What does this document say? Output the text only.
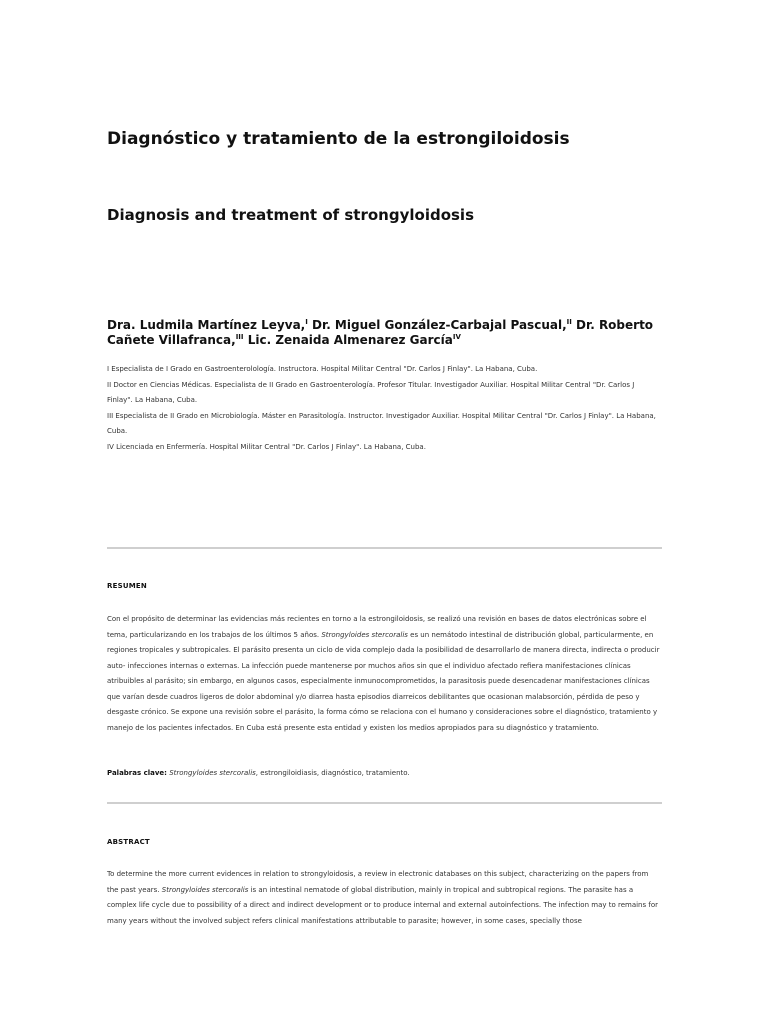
Diagnóstico y tratamiento de la estrongiloidosis
Diagnosis and treatment of strongyloidosis

Dra. Ludmila Martínez Leyva,$^I$ Dr. Miguel González-Carbajal Pascual,$^{II}$ Dr. Roberto Cañete Villafranca,$^{III}$ Lic. Zenaida Almenarez García$^{IV}$

I Especialista de I Grado en Gastroenterolología. Instructora. Hospital Militar Central "Dr. Carlos J Finlay". La Habana, Cuba.

II Doctor en Ciencias Médicas. Especialista de II Grado en Gastroenterología. Profesor Titular. Investigador Auxiliar. Hospital Militar Central "Dr. Carlos J Finlay". La Habana, Cuba.

III Especialista de II Grado en Microbiología. Máster en Parasitología. Instructor. Investigador Auxiliar. Hospital Militar Central "Dr. Carlos J Finlay". La Habana, Cuba.

IV Licenciada en Enfermería. Hospital Militar Central "Dr. Carlos J Finlay". La Habana, Cuba.

RESUMEN

Con el propósito de determinar las evidencias más recientes en torno a la estrongiloidosis, se realizó una revisión en bases de datos electrónicas sobre el tema, particularizando en los trabajos de los últimos 5 años. Strongyloides stercoralis es un nemátodo intestinal de distribución global, particularmente, en regiones tropicales y subtropicales. El parásito presenta un ciclo de vida complejo dada la posibilidad de desarrollarlo de manera directa, indirecta o producir auto- infecciones internas o externas. La infección puede mantenerse por muchos años sin que el individuo afectado refiera manifestaciones clínicas atribuibles al parásito; sin embargo, en algunos casos, especialmente inmunocomprometidos, la parasitosis puede desencadenar manifestaciones clínicas que varían desde cuadros ligeros de dolor abdominal y/o diarrea hasta episodios diarreicos debilitantes que ocasionan malabsorción, pérdida de peso y desgaste crónico. Se expone una revisión sobre el parásito, la forma cómo se relaciona con el humano y consideraciones sobre el diagnóstico, tratamiento y manejo de los pacientes infectados. En Cuba está presente esta entidad y existen los medios apropiados para su diagnóstico y tratamiento.

Palabras clave: Strongyloides stercoralis, estrongiloidiasis, diagnóstico, tratamiento.

ABSTRACT

To determine the more current evidences in relation to strongyloidosis, a review in electronic databases on this subject, characterizing on the papers from the past years. Strongyloides stercoralis is an intestinal nematode of global distribution, mainly in tropical and subtropical regions. The parasite has a complex life cycle due to possibility of a direct and indirect development or to produce internal and external autoinfections. The infection may to remains for many years without the involved subject refers clinical manifestations attributable to parasite; however, in some cases, specially those
